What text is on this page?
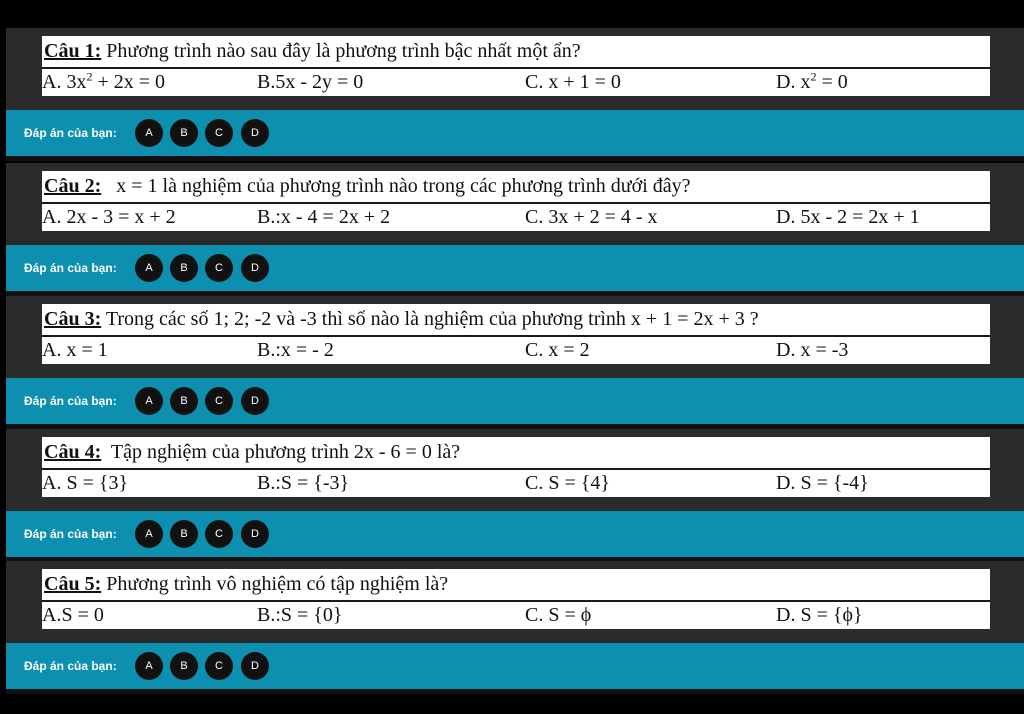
Câu 1: Phương trình nào sau đây là phương trình bậc nhất một ẩn?
A. $3x^2 + 2x = 0$	B.5x - 2y = 0	C. x + 1 = 0	D. $x^2 = 0$
Đáp án của bạn:	A	B	C	D
Câu 2:   x = 1 là nghiệm của phương trình nào trong các phương trình dưới đây?
A. 2x - 3 = x + 2	B.:x - 4 = 2x + 2	C. 3x + 2 = 4 - x	D. 5x - 2 = 2x + 1
Đáp án của bạn:	A	B	C	D
Câu 3: Trong các số 1; 2; -2 và -3 thì số nào là nghiệm của phương trình x + 1 = 2x + 3 ?
A. x = 1	B.:x = - 2	C. x = 2	D. x = -3
Đáp án của bạn:	A	B	C	D
Câu 4:  Tập nghiệm của phương trình 2x - 6 = 0 là?
A. S = {3}	B.:S = {-3}	C. S = {4}	D. S = {-4}
Đáp án của bạn:	A	B	C	D
Câu 5: Phương trình vô nghiệm có tập nghiệm là?
A.S = 0	B.:S = {0}	C. S = ϕ	D. S = {ϕ}
Đáp án của bạn:	A	B	C	D
